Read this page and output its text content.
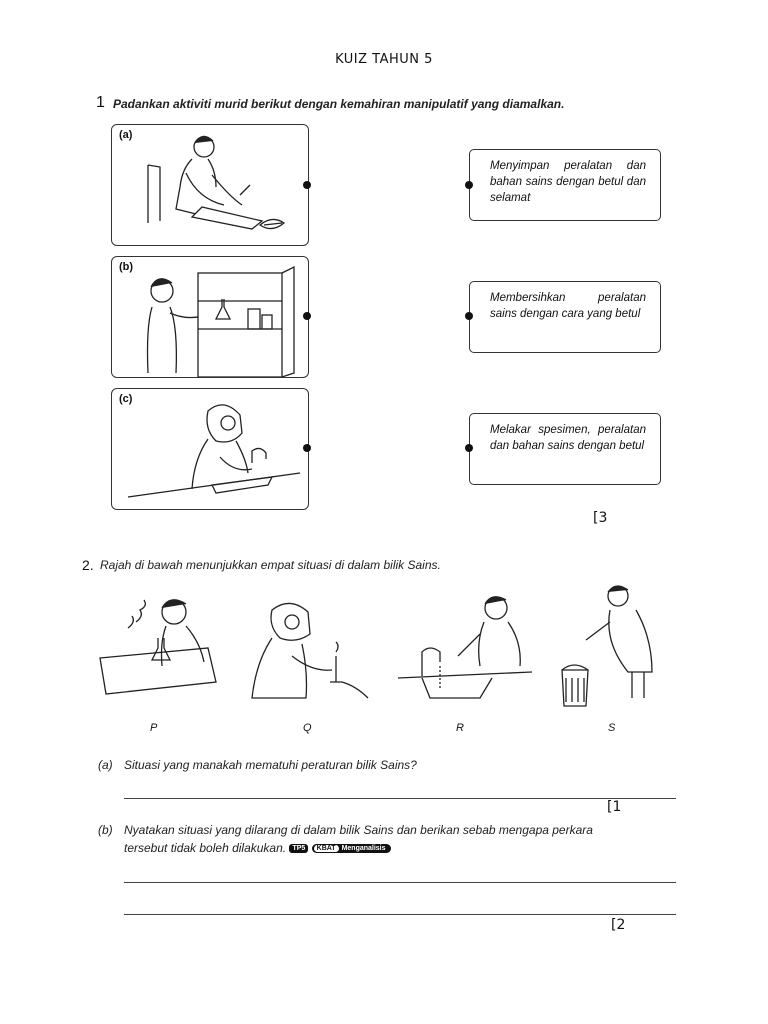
KUIZ TAHUN 5
1 Padankan aktiviti murid berikut dengan kemahiran manipulatif yang diamalkan.
(a)
(b)
(c)
Menyimpan peralatan dan bahan sains dengan betul dan selamat
Membersihkan peralatan sains dengan cara yang betul
Melakar spesimen, peralatan dan bahan sains dengan betul
[3
2. Rajah di bawah menunjukkan empat situasi di dalam bilik Sains.
P	Q	R	S
(a) Situasi yang manakah mematuhi peraturan bilik Sains?
[1
(b) Nyatakan situasi yang dilarang di dalam bilik Sains dan berikan sebab mengapa perkara
tersebut tidak boleh dilakukan. TP5 KBAT Menganalisis
[2
